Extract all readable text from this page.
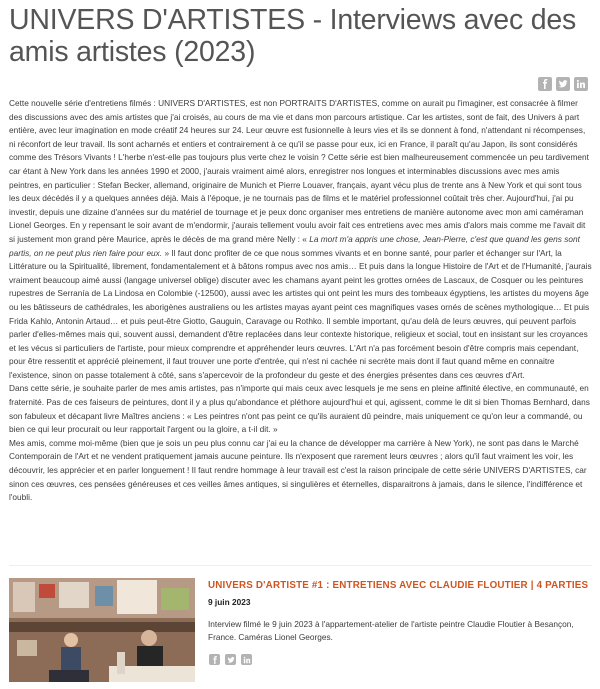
UNIVERS D'ARTISTES - Interviews avec des amis artistes (2023)

Cette nouvelle série d'entretiens filmés : UNIVERS D'ARTISTES, est non PORTRAITS D'ARTISTES, comme on aurait pu l'imaginer, est consacrée à filmer des discussions avec des amis artistes que j'ai croisés, au cours de ma vie et dans mon parcours artistique. Car les artistes, sont de fait, des Univers à part entière, avec leur imagination en mode créatif 24 heures sur 24. Leur œuvre est fusionnelle à leurs vies et ils se donnent à fond, n'attendant ni récompenses, ni réconfort de leur travail. Ils sont acharnés et entiers et contrairement à ce qu'il se passe pour eux, ici en France, il paraît qu'au Japon, ils sont considérés comme des Trésors Vivants ! L'herbe n'est-elle pas toujours plus verte chez le voisin ? Cette série est bien malheureusement commencée un peu tardivement car étant à New York dans les années 1990 et 2000, j'aurais vraiment aimé alors, enregistrer nos longues et interminables discussions avec mes amis peintres, en particulier : Stefan Becker, allemand, originaire de Munich et Pierre Louaver, français, ayant vécu plus de trente ans à New York et qui sont tous les deux décédés il y a quelques années déjà. Mais à l'époque, je ne tournais pas de films et le matériel professionnel coûtait très cher. Aujourd'hui, j'ai pu investir, depuis une dizaine d'années sur du matériel de tournage et je peux donc organiser mes entretiens de manière autonome avec mon ami caméraman Lionel Georges. En y repensant le soir avant de m'endormir, j'aurais tellement voulu avoir fait ces entretiens avec mes amis d'alors mais comme me l'avait dit si justement mon grand père Maurice, après le décès de ma grand mère Nelly : « La mort m'a appris une chose, Jean-Pierre, c'est que quand les gens sont partis, on ne peut plus rien faire pour eux. » Il faut donc profiter de ce que nous sommes vivants et en bonne santé, pour parler et échanger sur l'Art, la Littérature ou la Spiritualité, librement, fondamentalement et à bâtons rompus avec nos amis… Et puis dans la longue Histoire de l'Art et de l'Humanité, j'aurais vraiment beaucoup aimé aussi (langage universel oblige) discuter avec les chamans ayant peint les grottes ornées de Lascaux, de Cosquer ou les peintures rupestres de Serranía de La Lindosa en Colombie (-12500), aussi avec les artistes qui ont peint les murs des tombeaux égyptiens, les artistes du moyens âge ou les bâtisseurs de cathédrales, les aborigènes australiens ou les artistes mayas ayant peint ces magnifiques vases ornés de scènes mythologique… Et puis Frida Kahlo, Antonin Artaud… et puis peut-être Giotto, Gauguin, Caravage ou Rothko. Il semble important, qu'au delà de leurs œuvres, qui peuvent parfois parler d'elles-mêmes mais qui, souvent aussi, demandent d'être replacées dans leur contexte historique, religieux et social, tout en insistant sur les croyances et les vécus si particuliers de l'artiste, pour mieux comprendre et appréhender leurs œuvres. L'Art n'a pas forcément besoin d'être compris mais cependant, pour être ressentit et apprécié pleinement, il faut trouver une porte d'entrée, qui n'est ni cachée ni secrète mais dont il faut quand même en connaitre l'existence, sinon on passe totalement à côté, sans s'apercevoir de la profondeur du geste et des énergies présentes dans ces œuvres d'Art.

Dans cette série, je souhaite parler de mes amis artistes, pas n'importe qui mais ceux avec lesquels je me sens en pleine affinité élective, en communauté, en fraternité. Pas de ces faiseurs de peintures, dont il y a plus qu'abondance et pléthore aujourd'hui et qui, agissent, comme le dit si bien Thomas Bernhard, dans son fabuleux et décapant livre Maîtres anciens : « Les peintres n'ont pas peint ce qu'ils auraient dû peindre, mais uniquement ce qu'on leur a commandé, ou bien ce qui leur procurait ou leur rapportait l'argent ou la gloire, a t-il dit. »

Mes amis, comme moi-même (bien que je sois un peu plus connu car j'ai eu la chance de développer ma carrière à New York), ne sont pas dans le Marché Contemporain de l'Art et ne vendent pratiquement jamais aucune peinture. Ils n'exposent que rarement leurs œuvres ; alors qu'il faut vraiment les voir, les découvrir, les apprécier et en parler longuement ! Il faut rendre hommage à leur travail est c'est la raison principale de cette série UNIVERS D'ARTISTES, car sinon ces œuvres, ces pensées généreuses et ces veilles âmes antiques, si singulières et éternelles, disparaitrons à jamais, dans le silence, l'indifférence et l'oubli.

UNIVERS D'ARTISTE #1 : ENTRETIENS AVEC CLAUDIE FLOUTIER | 4 PARTIES
9 juin 2023
Interview filmé le 9 juin 2023 à l'appartement-atelier de l'artiste peintre Claudie Floutier à Besançon, France. Caméras Lionel Georges.
